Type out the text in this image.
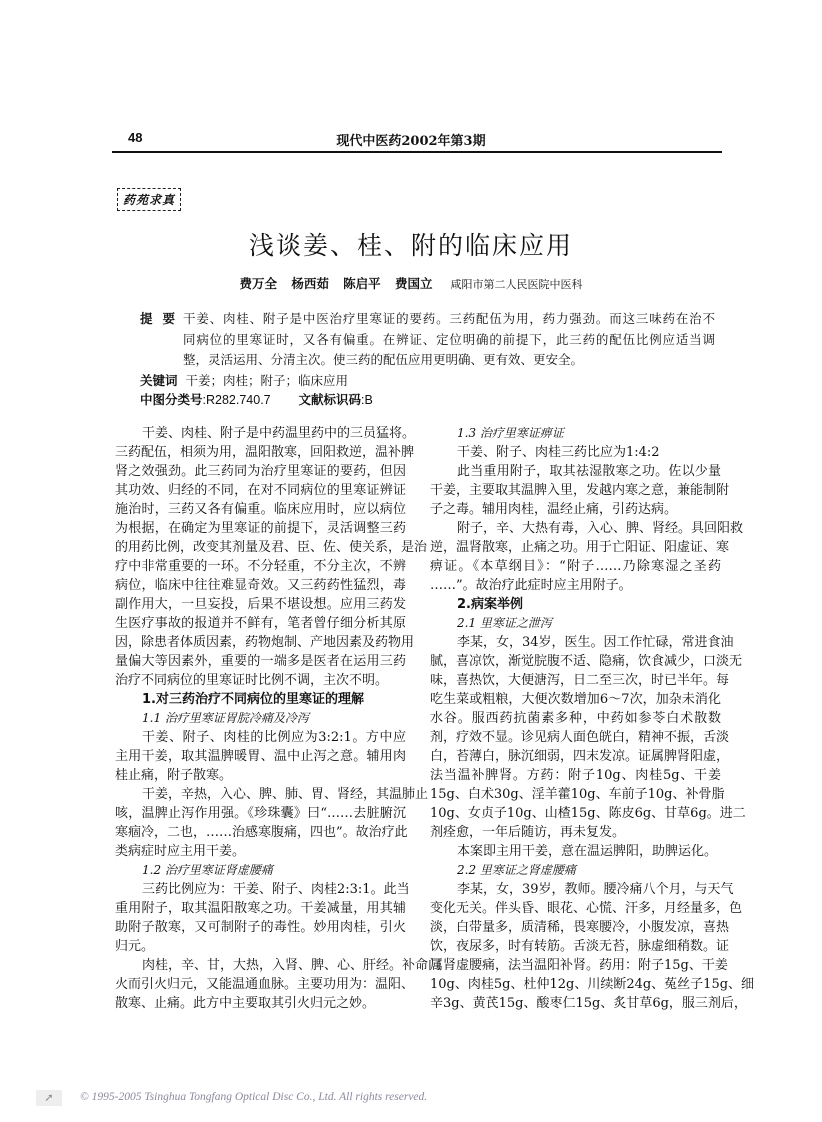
48	现代中医药2002年第3期
药苑求真
浅谈姜、桂、附的临床应用
费万全 杨西茹 陈启平 费国立 咸阳市第二人民医院中医科
提要
干姜、肉桂、附子是中医治疗里寒证的要药。三药配伍为用，药力强劲。而这三味药在治不
同病位的里寒证时，又各有偏重。在辨证、定位明确的前提下，此三药的配伍比例应适当调
整，灵活运用、分清主次。使三药的配伍应用更明确、更有效、更安全。
关键词 干姜；肉桂；附子；临床应用
中图分类号:R282.740.7 文献标识码:B
干姜、肉桂、附子是中药温里药中的三员猛将。
三药配伍，相须为用，温阳散寒，回阳救逆，温补脾
肾之效强劲。此三药同为治疗里寒证的要药，但因
其功效、归经的不同，在对不同病位的里寒证辨证
施治时，三药又各有偏重。临床应用时，应以病位
为根据，在确定为里寒证的前提下，灵活调整三药
的用药比例，改变其剂量及君、臣、佐、使关系，是治
疗中非常重要的一环。不分轻重，不分主次，不辨
病位，临床中往往难显奇效。又三药药性猛烈，毒
副作用大，一旦妄投，后果不堪设想。应用三药发
生医疗事故的报道并不鲜有，笔者曾仔细分析其原
因，除患者体质因素，药物炮制、产地因素及药物用
量偏大等因素外，重要的一端多是医者在运用三药
治疗不同病位的里寒证时比例不调，主次不明。
1.对三药治疗不同病位的里寒证的理解
1.1 治疗里寒证胃脘冷痛及冷泻
干姜、附子、肉桂的比例应为3:2:1。方中应
主用干姜，取其温脾暖胃、温中止泻之意。辅用肉
桂止痛，附子散寒。
干姜，辛热，入心、脾、肺、胃、肾经，其温肺止
咳，温脾止泻作用强。《珍珠囊》曰“……去脏腑沉
寒痼冷，二也，……治感寒腹痛，四也”。故治疗此
类病症时应主用干姜。
1.2 治疗里寒证肾虚腰痛
三药比例应为：干姜、附子、肉桂2:3:1。此当
重用附子，取其温阳散寒之功。干姜减量，用其辅
助附子散寒，又可制附子的毒性。妙用肉桂，引火
归元。
肉桂，辛、甘，大热，入肾、脾、心、肝经。补命门
火而引火归元，又能温通血脉。主要功用为：温阳、
散寒、止痛。此方中主要取其引火归元之妙。
1.3 治疗里寒证痹证
干姜、附子、肉桂三药比应为1:4:2
此当重用附子，取其祛湿散寒之功。佐以少量
干姜，主要取其温脾入里，发越内寒之意，兼能制附
子之毒。辅用肉桂，温经止痛，引药达病。
附子，辛、大热有毒，入心、脾、肾经。具回阳救
逆，温肾散寒，止痛之功。用于亡阳证、阳虚证、寒
痹证。《本草纲目》：“附子……乃除寒湿之圣药
……”。故治疗此症时应主用附子。
2.病案举例
2.1 里寒证之泄泻
李某，女，34岁，医生。因工作忙碌，常进食油
腻，喜凉饮，渐觉脘腹不适、隐痛，饮食减少，口淡无
味，喜热饮，大便溏泻，日二至三次，时已半年。每
吃生菜或粗粮，大便次数增加6～7次，加杂未消化
水谷。服西药抗菌素多种，中药如参苓白术散数
剂，疗效不显。诊见病人面色㿠白，精神不振，舌淡
白，苔薄白，脉沉细弱，四末发凉。证属脾肾阳虚，
法当温补脾肾。方药：附子10g、肉桂5g、干姜
15g、白术30g、淫羊藿10g、车前子10g、补骨脂
10g、女贞子10g、山楂15g、陈皮6g、甘草6g。进二
剂痊愈，一年后随访，再未复发。
本案即主用干姜，意在温运脾阳，助脾运化。
2.2 里寒证之肾虚腰痛
李某，女，39岁，教师。腰冷痛八个月，与天气
变化无关。伴头昏、眼花、心慌、汗多，月经量多，色
淡，白带量多，质清稀，畏寒腰冷，小腹发凉，喜热
饮，夜尿多，时有转筋。舌淡无苔，脉虚细稍数。证
属肾虚腰痛，法当温阳补肾。药用：附子15g、干姜
10g、肉桂5g、杜仲12g、川续断24g、菟丝子15g、细
辛3g、黄芪15g、酸枣仁15g、炙甘草6g，服三剂后，
➚	© 1995-2005 Tsinghua Tongfang Optical Disc Co., Ltd. All rights reserved.
